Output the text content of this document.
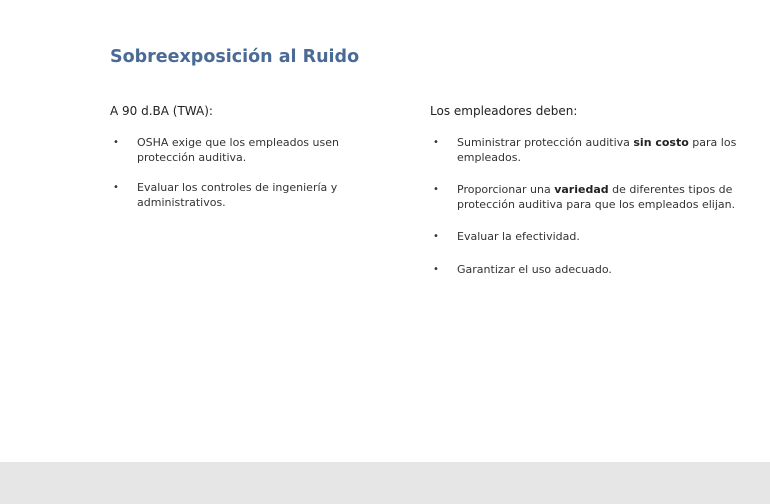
Sobreexposición al Ruido
A 90 d.BA (TWA):
• OSHA exige que los empleados usen protección auditiva.
• Evaluar los controles de ingeniería y administrativos.
Los empleadores deben:
• Suministrar protección auditiva sin costo para los empleados.
• Proporcionar una variedad de diferentes tipos de protección auditiva para que los empleados elijan.
• Evaluar la efectividad.
• Garantizar el uso adecuado.
